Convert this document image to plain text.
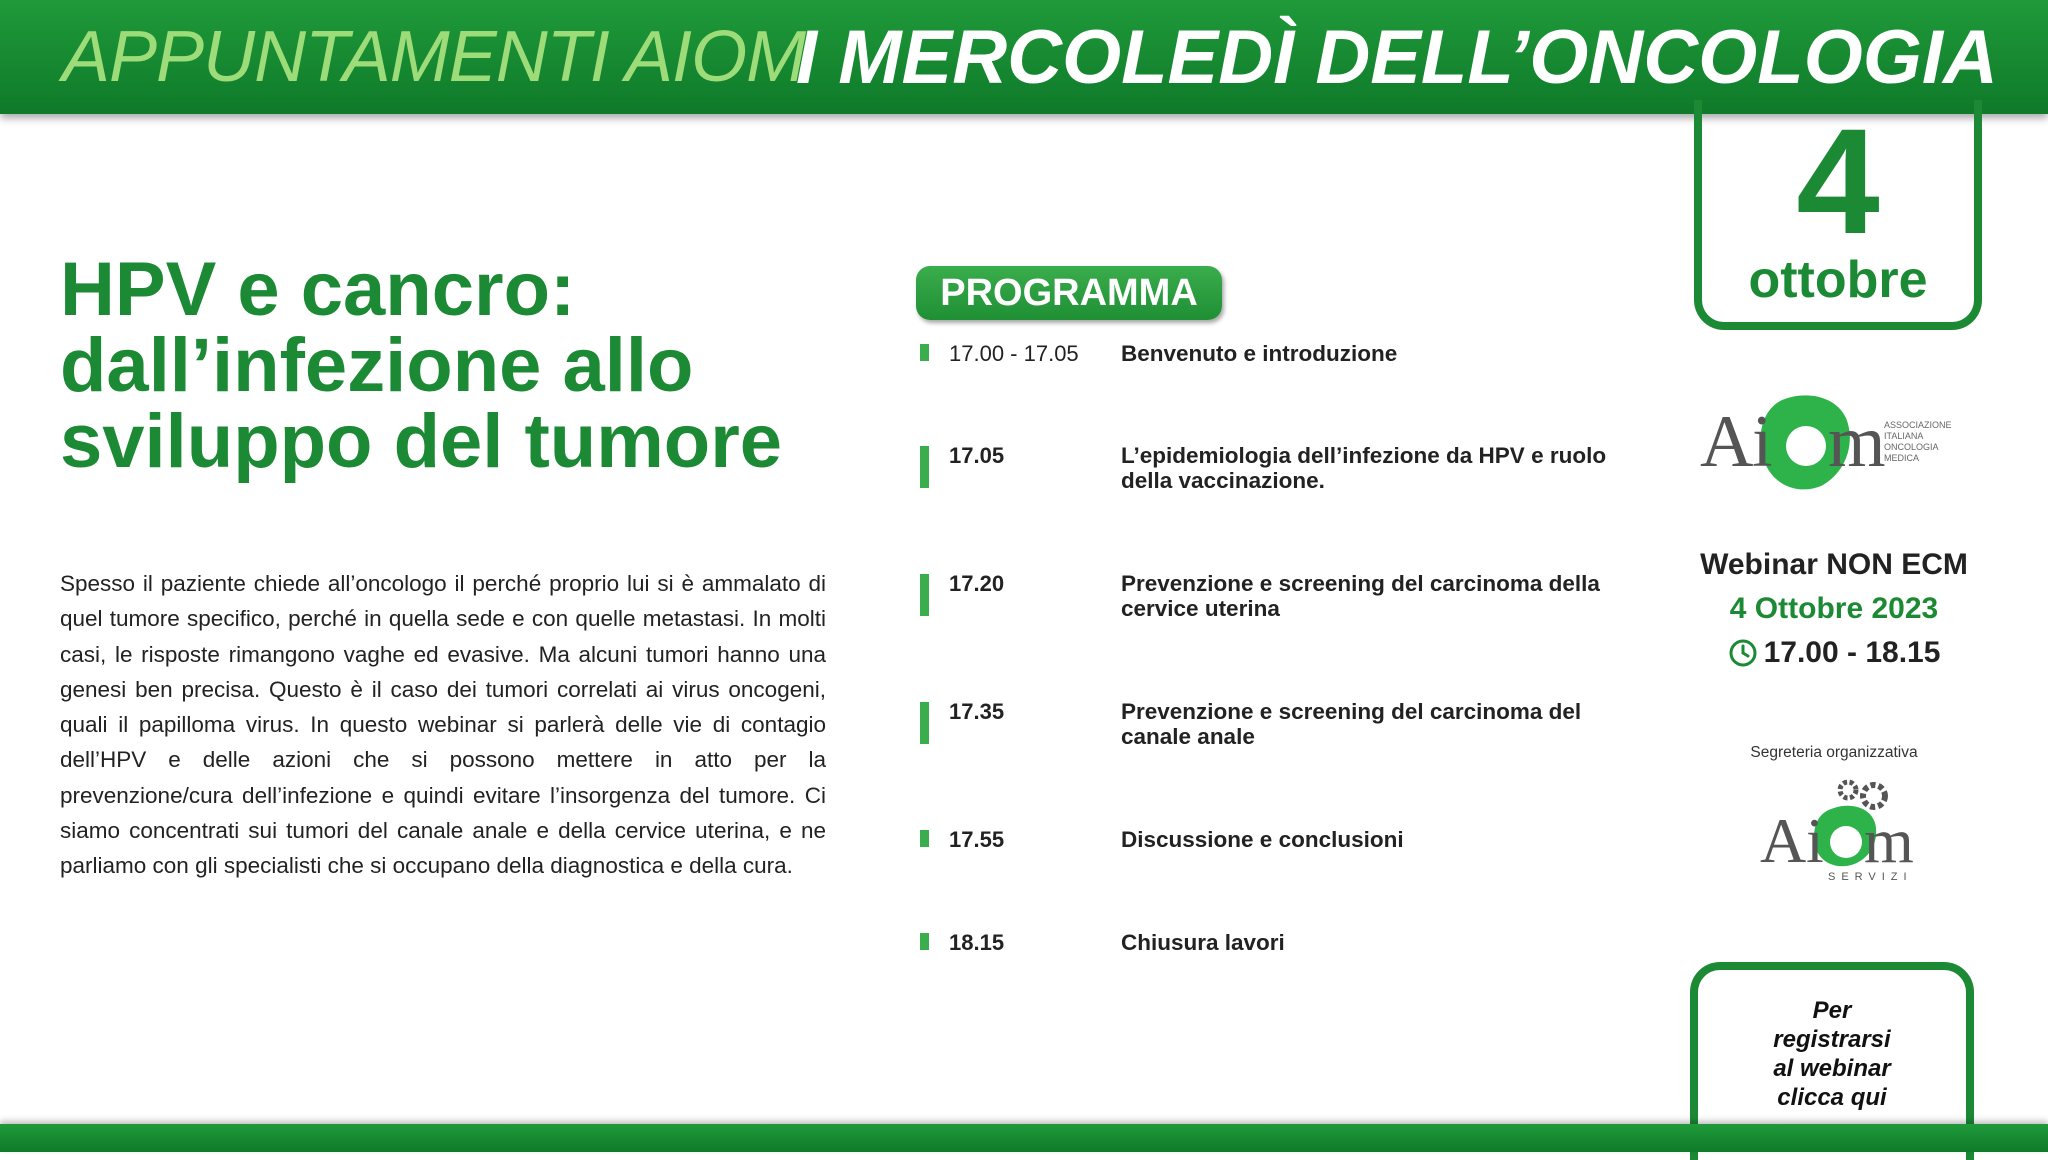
APPUNTAMENTI AIOM
I MERCOLEDÌ DELL’ONCOLOGIA
4
ottobre
HPV e cancro:
dall’infezione allo
sviluppo del tumore
Spesso il paziente chiede all’oncologo il perché proprio lui si è ammalato di quel tumore specifico, perché in quella sede e con quelle metastasi. In molti casi, le risposte rimangono vaghe ed evasive. Ma alcuni tumori hanno una genesi ben precisa. Questo è il caso dei tumori correlati ai virus oncogeni, quali il papilloma virus. In questo webinar si parlerà delle vie di contagio dell’HPV e delle azioni che si possono mettere in atto per la prevenzione/cura dell’infezione e quindi evitare l’insorgenza del tumore. Ci siamo concentrati sui tumori del canale anale e della cervice uterina, e ne parliamo con gli specialisti che si occupano della diagnostica e della cura.
PROGRAMMA
17.00 - 17.05 Benvenuto e introduzione
17.05	L’epidemiologia dell’infezione da HPV e ruolo della vaccinazione.
17.20	Prevenzione e screening del carcinoma della cervice uterina
17.35	Prevenzione e screening del carcinoma del canale anale
17.55	Discussione e conclusioni
18.15	Chiusura lavori
A
i m
ASSOCIAZIONE
ITALIANA
ONCOLOGIA
MEDICA
Webinar NON ECM
4 Ottobre 2023
17.00 - 18.15
Segreteria organizzativa
A i m
SERVIZI
Per
registrarsi
al webinar
clicca qui
